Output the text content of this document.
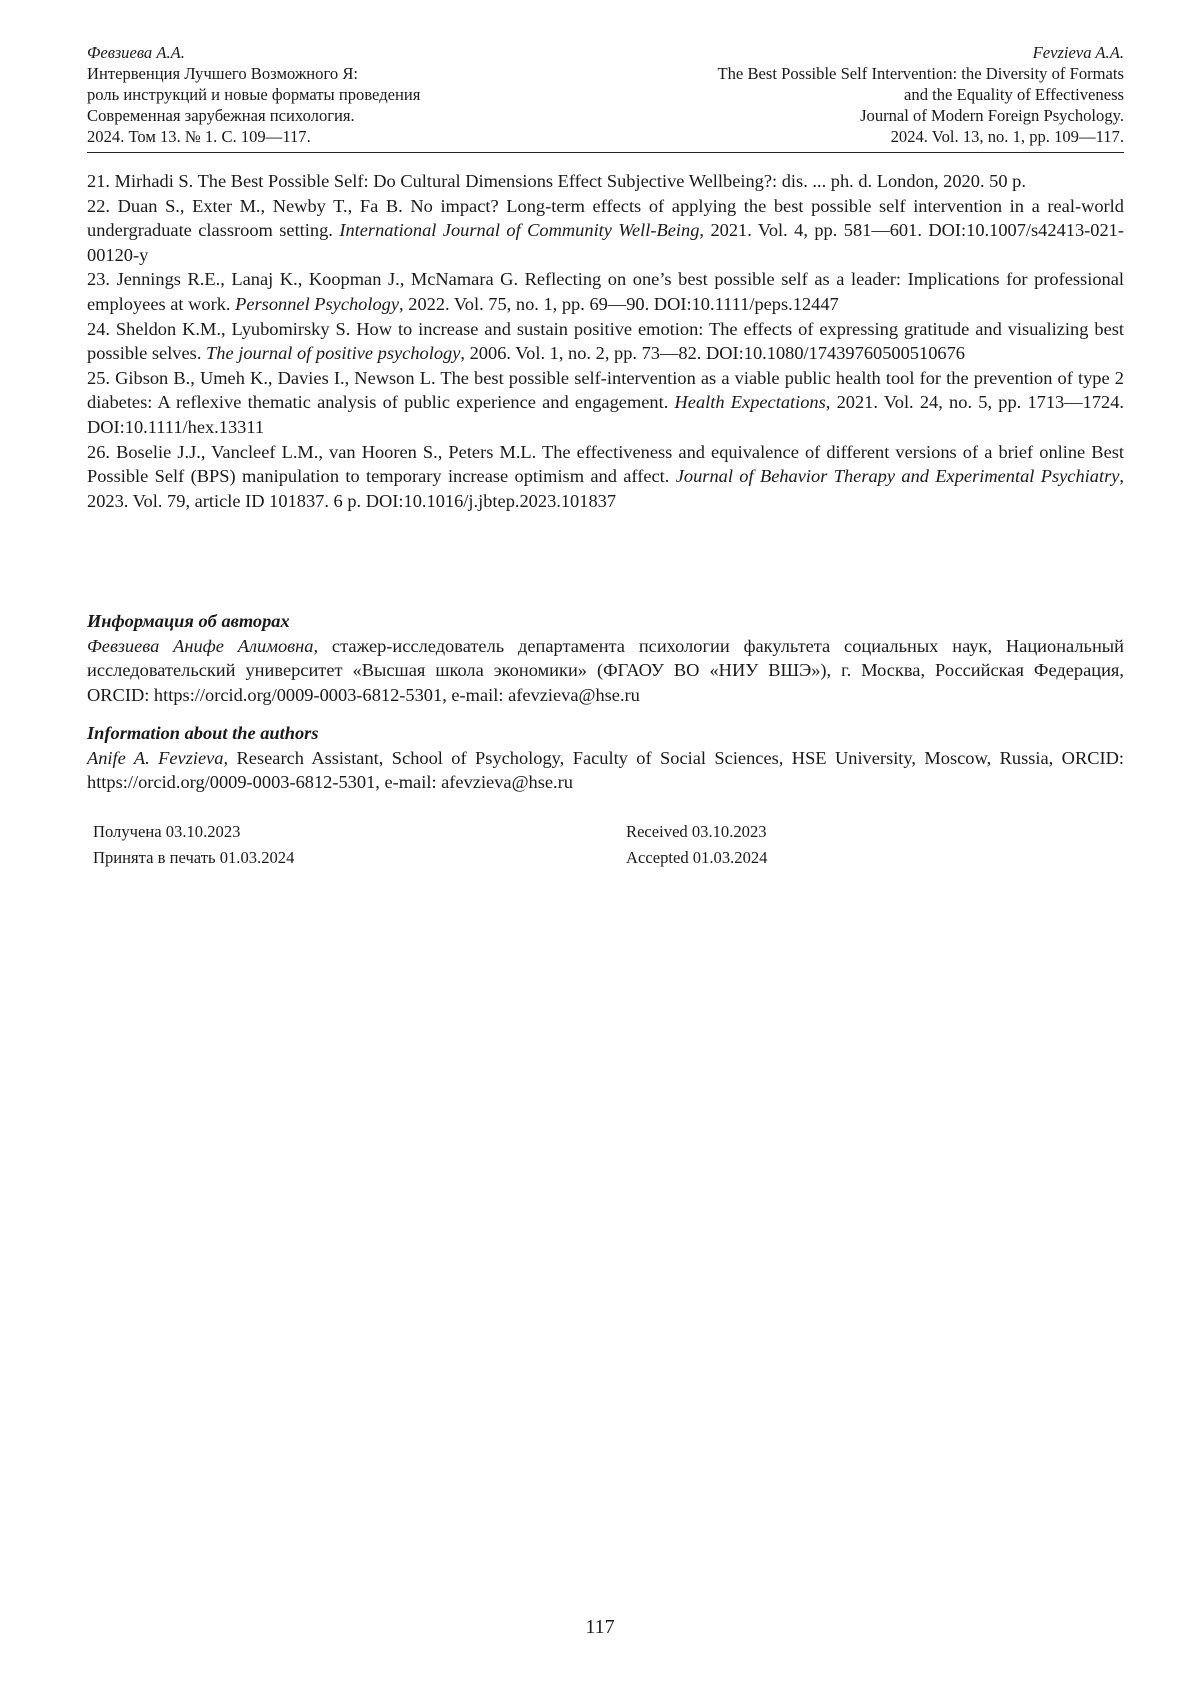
Февзиева А.А.
Интервенция Лучшего Возможного Я:
роль инструкций и новые форматы проведения
Современная зарубежная психология.
2024. Том 13. № 1. С. 109—117.
Fevzieva A.A.
The Best Possible Self Intervention: the Diversity of Formats
and the Equality of Effectiveness
Journal of Modern Foreign Psychology.
2024. Vol. 13, no. 1, pp. 109—117.

21. Mirhadi S. The Best Possible Self: Do Cultural Dimensions Effect Subjective Wellbeing?: dis. ... ph. d. London, 2020. 50 p.

22. Duan S., Exter M., Newby T., Fa B. No impact? Long-term effects of applying the best possible self intervention in a real-world undergraduate classroom setting. International Journal of Community Well-Being, 2021. Vol. 4, pp. 581—601. DOI:10.1007/s42413-021-00120-y

23. Jennings R.E., Lanaj K., Koopman J., McNamara G. Reflecting on one’s best possible self as a leader: Implications for professional employees at work. Personnel Psychology, 2022. Vol. 75, no. 1, pp. 69—90. DOI:10.1111/peps.12447

24. Sheldon K.M., Lyubomirsky S. How to increase and sustain positive emotion: The effects of expressing gratitude and visualizing best possible selves. The journal of positive psychology, 2006. Vol. 1, no. 2, pp. 73—82. DOI:10.1080/17439760500510676

25. Gibson B., Umeh K., Davies I., Newson L. The best possible self-intervention as a viable public health tool for the prevention of type 2 diabetes: A reflexive thematic analysis of public experience and engagement. Health Expectations, 2021. Vol. 24, no. 5, pp. 1713—1724. DOI:10.1111/hex.13311

26. Boselie J.J., Vancleef L.M., van Hooren S., Peters M.L. The effectiveness and equivalence of different versions of a brief online Best Possible Self (BPS) manipulation to temporary increase optimism and affect. Journal of Behavior Therapy and Experimental Psychiatry, 2023. Vol. 79, article ID 101837. 6 p. DOI:10.1016/j.jbtep.2023.101837

Информация об авторах
Февзиева Анифе Алимовна, стажер-исследователь департамента психологии факультета социальных наук, Национальный исследовательский университет «Высшая школа экономики» (ФГАОУ ВО «НИУ ВШЭ»), г. Москва, Российская Федерация, ORCID: https://orcid.org/0009-0003-6812-5301, e-mail: afevzieva@hse.ru
Information about the authors
Anife A. Fevzieva, Research Assistant, School of Psychology, Faculty of Social Sciences, HSE University, Moscow, Russia, ORCID: https://orcid.org/0009-0003-6812-5301, e-mail: afevzieva@hse.ru
Получена 03.10.2023
Принята в печать 01.03.2024
Received 03.10.2023
Accepted 01.03.2024
117
